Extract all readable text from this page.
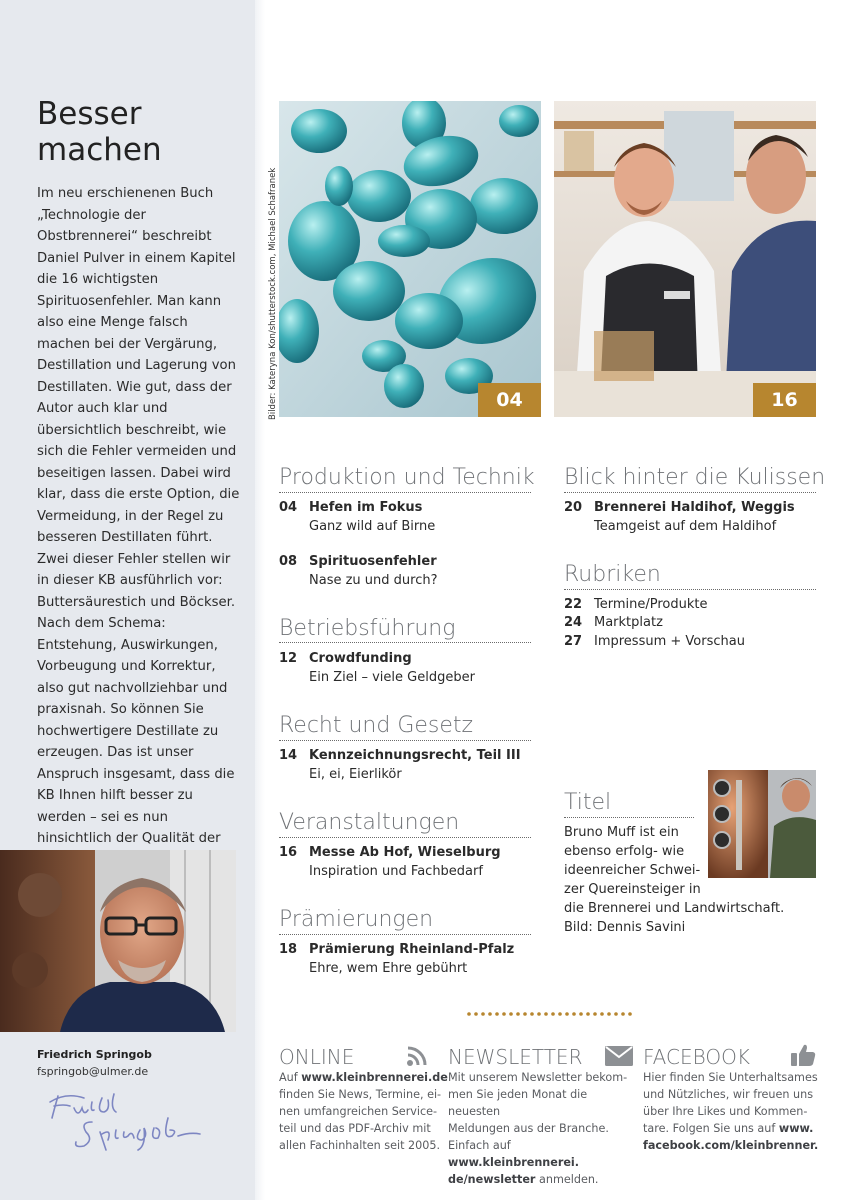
Besser
machen

Im neu erschienenen Buch „Technologie der Obstbrennerei“ beschreibt Daniel Pulver in einem Kapitel die 16 wichtigsten Spirituosenfehler. Man kann also eine Menge falsch machen bei der Vergärung, Destillation und Lagerung von Destillaten. Wie gut, dass der Autor auch klar und übersichtlich beschreibt, wie sich die Fehler vermeiden und beseitigen lassen. Dabei wird klar, dass die erste Option, die Vermeidung, in der Regel zu besseren Destillaten führt. Zwei dieser Fehler stellen wir in dieser KB ausführlich vor: Buttersäurestich und Böckser. Nach dem Schema: Entstehung, Auswirkungen, Vorbeugung und Korrektur, also gut nachvollziehbar und praxisnah. So können Sie hochwertigere Destillate zu erzeugen. Das ist unser Anspruch insgesamt, dass die KB Ihnen hilft besser zu werden – sei es nun hinsichtlich der Qualität der

Friedrich Springob
fspringob@ulmer.de
04
Bilder: Kateryna Kon/shutterstock.com, Michael Schafranek	16
Produktion und Technik
04 Hefen im Fokus
Ganz wild auf Birne
08 Spirituosenfehler
Nase zu und durch?
Betriebsführung
12 Crowdfunding
Ein Ziel – viele Geldgeber
Recht und Gesetz
14 Kennzeichnungsrecht, Teil III
Ei, ei, Eierlikör
Veranstaltungen
16 Messe Ab Hof, Wieselburg
Inspiration und Fachbedarf
Prämierungen
18 Prämierung Rheinland-Pfalz
Ehre, wem Ehre gebührt
Blick hinter die Kulissen
20 Brennerei Haldihof, Weggis
Teamgeist auf dem Haldihof
Rubriken
22 Termine/Produkte
24 Marktplatz
27 Impressum + Vorschau
Titel
Bruno Muff ist ein
ebenso erfolg- wie
ideenreicher Schwei-
zer Quereinsteiger in
die Brennerei und Landwirtschaft.
Bild: Dennis Savini
ONLINE
Auf www.kleinbrennerei.de
finden Sie News, Termine, ei-
nen umfangreichen Service-
teil und das PDF-Archiv mit
allen Fachinhalten seit 2005.
NEWSLETTER
Mit unserem Newsletter bekom-
men Sie jeden Monat die neuesten
Meldungen aus der Branche.
Einfach auf www.kleinbrennerei.
de/newsletter anmelden.
FACEBOOK
Hier finden Sie Unterhaltsames
und Nützliches, wir freuen uns
über Ihre Likes und Kommen-
tare. Folgen Sie uns auf www.
facebook.com/kleinbrenner.
